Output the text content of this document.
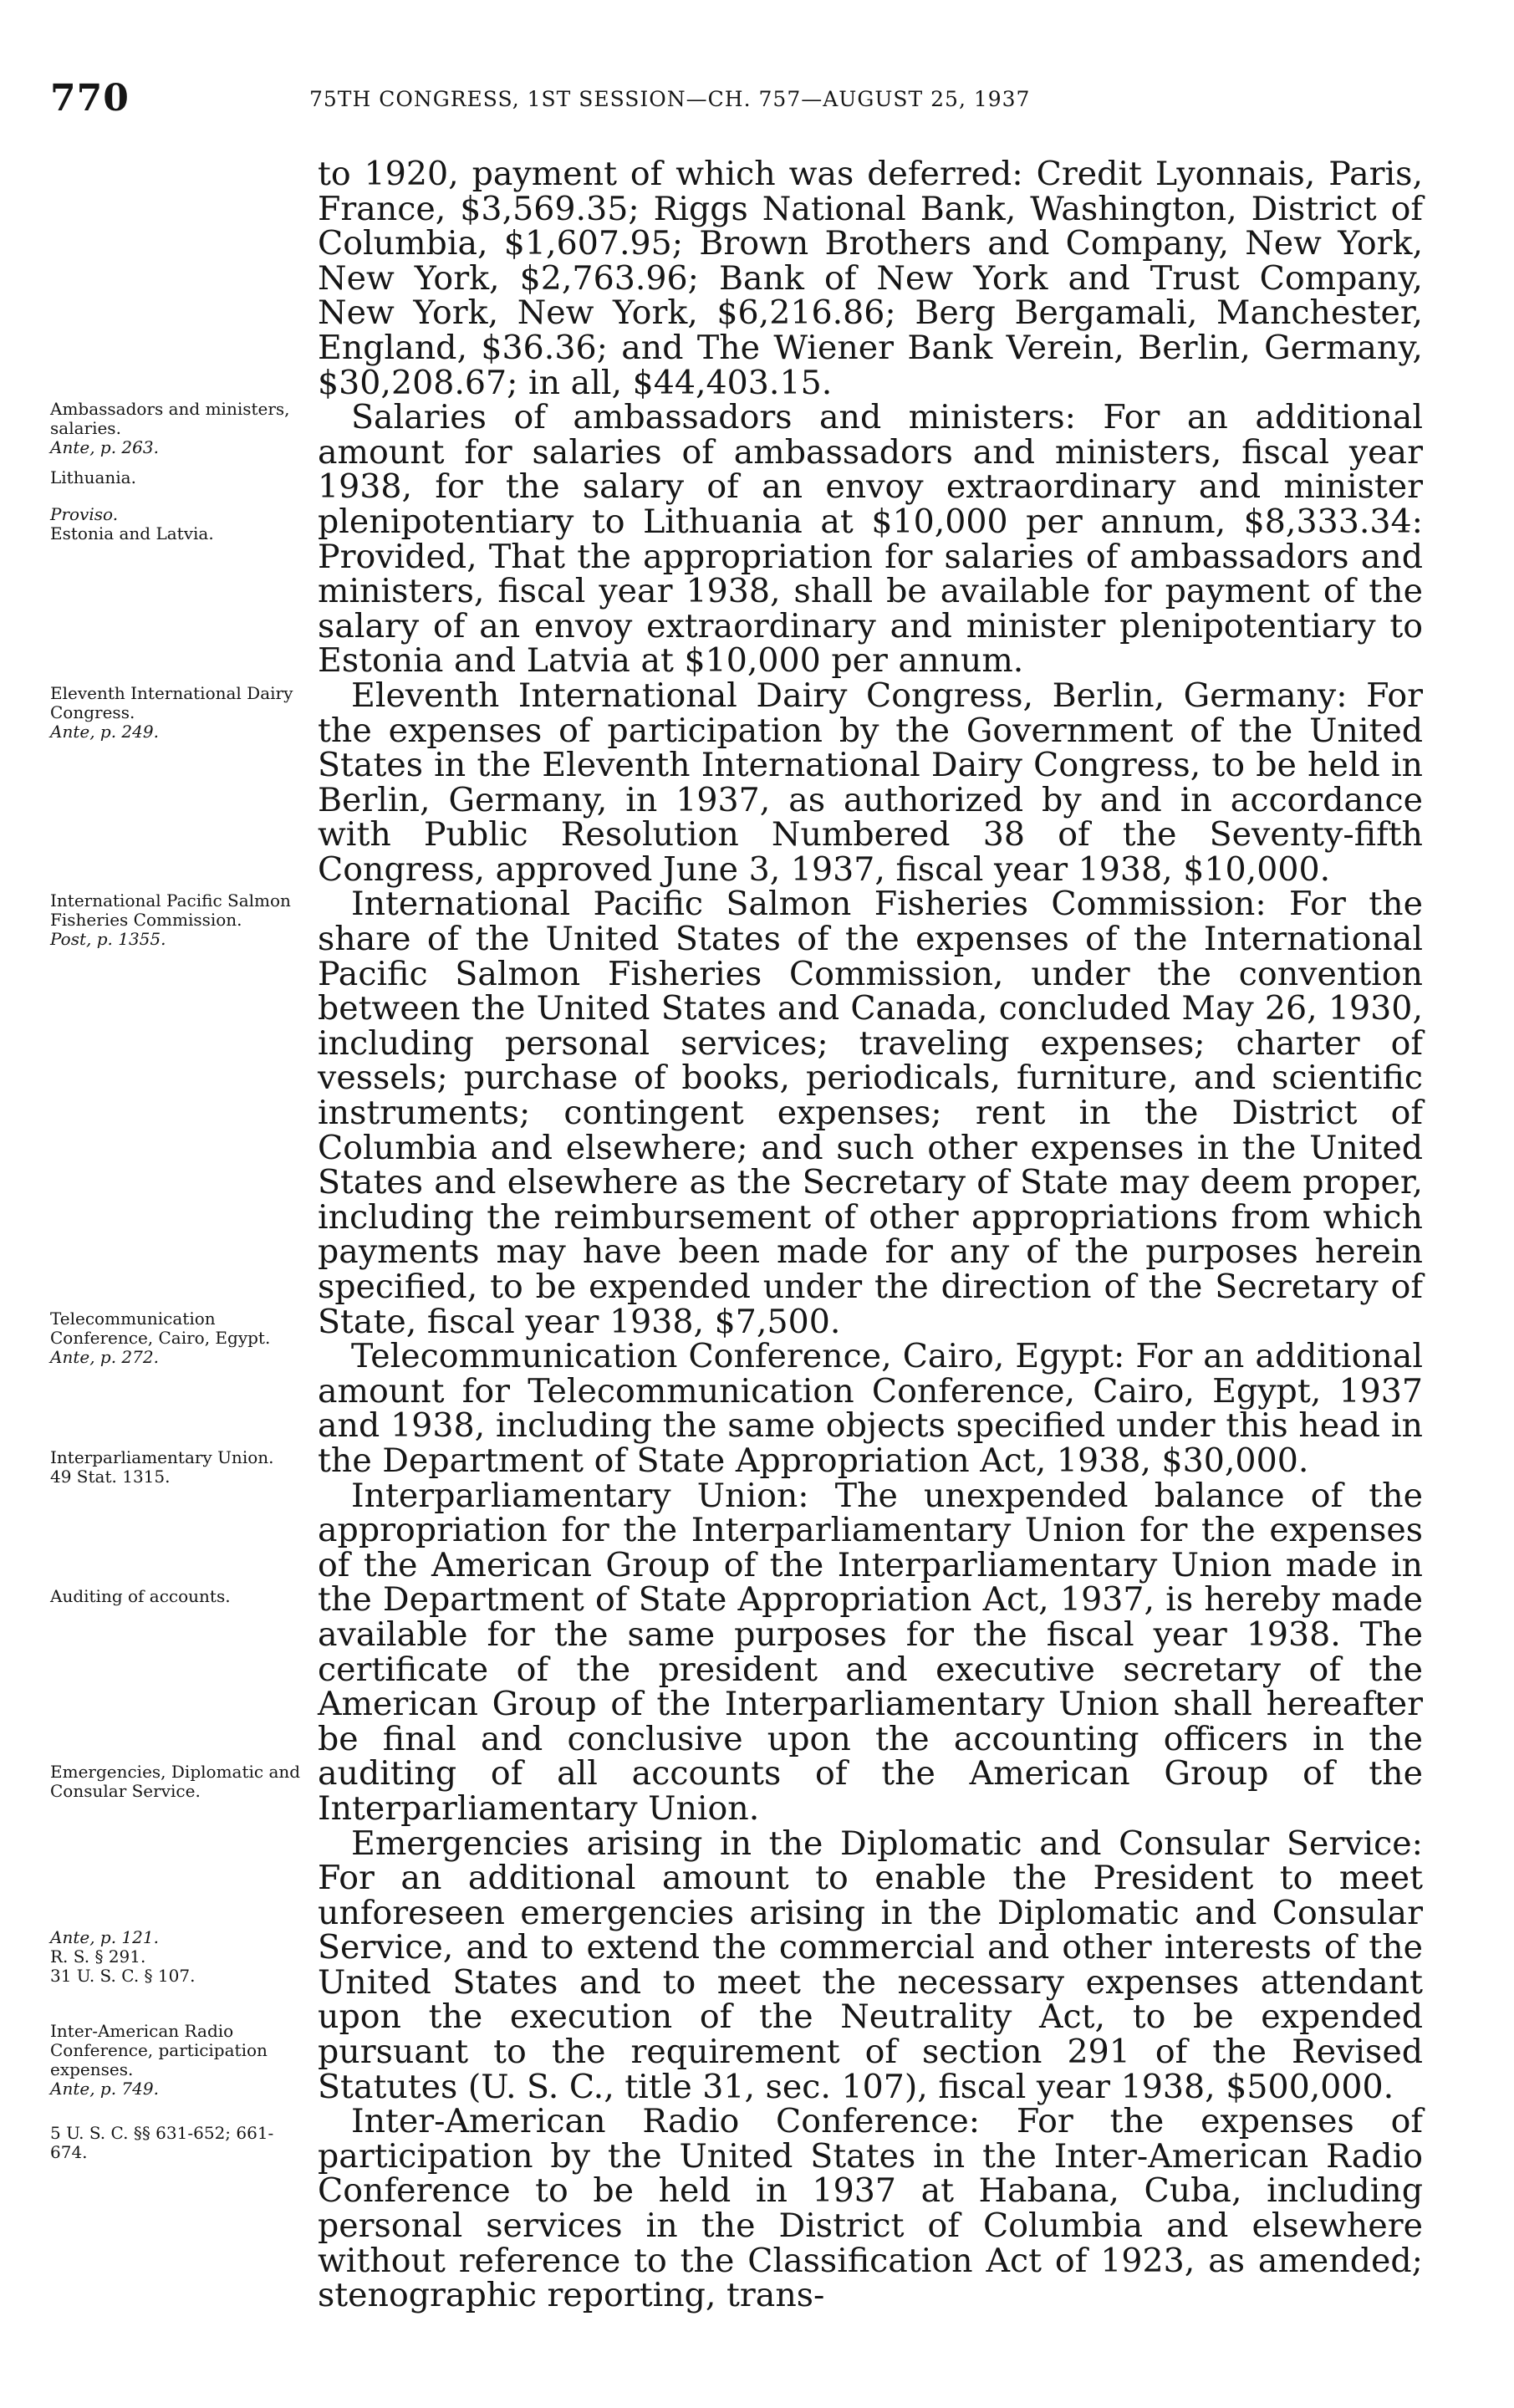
770	75TH CONGRESS, 1ST SESSION—CH. 757—AUGUST 25, 1937

to 1920, payment of which was deferred: Credit Lyonnais, Paris, France, $3,569.35; Riggs National Bank, Washington, District of Columbia, $1,607.95; Brown Brothers and Company, New York, New York, $2,763.96; Bank of New York and Trust Company, New York, New York, $6,216.86; Berg Bergamali, Manchester, England, $36.36; and The Wiener Bank Verein, Berlin, Germany, $30,208.67; in all, $44,403.15.

Salaries of ambassadors and ministers: For an additional amount for salaries of ambassadors and ministers, fiscal year 1938, for the salary of an envoy extraordinary and minister plenipotentiary to Lithuania at $10,000 per annum, $8,333.34: Provided, That the appropriation for salaries of ambassadors and ministers, fiscal year 1938, shall be available for payment of the salary of an envoy extraordinary and minister plenipotentiary to Estonia and Latvia at $10,000 per annum.

Eleventh International Dairy Congress, Berlin, Germany: For the expenses of participation by the Government of the United States in the Eleventh International Dairy Congress, to be held in Berlin, Germany, in 1937, as authorized by and in accordance with Public Resolution Numbered 38 of the Seventy-fifth Congress, approved June 3, 1937, fiscal year 1938, $10,000.

International Pacific Salmon Fisheries Commission: For the share of the United States of the expenses of the International Pacific Salmon Fisheries Commission, under the convention between the United States and Canada, concluded May 26, 1930, including personal services; traveling expenses; charter of vessels; purchase of books, periodicals, furniture, and scientific instruments; contingent expenses; rent in the District of Columbia and elsewhere; and such other expenses in the United States and elsewhere as the Secretary of State may deem proper, including the reimbursement of other appropriations from which payments may have been made for any of the purposes herein specified, to be expended under the direction of the Secretary of State, fiscal year 1938, $7,500.

Telecommunication Conference, Cairo, Egypt: For an additional amount for Telecommunication Conference, Cairo, Egypt, 1937 and 1938, including the same objects specified under this head in the Department of State Appropriation Act, 1938, $30,000.

Interparliamentary Union: The unexpended balance of the appropriation for the Interparliamentary Union for the expenses of the American Group of the Interparliamentary Union made in the Department of State Appropriation Act, 1937, is hereby made available for the same purposes for the fiscal year 1938. The certificate of the president and executive secretary of the American Group of the Interparliamentary Union shall hereafter be final and conclusive upon the accounting officers in the auditing of all accounts of the American Group of the Interparliamentary Union.

Emergencies arising in the Diplomatic and Consular Service: For an additional amount to enable the President to meet unforeseen emergencies arising in the Diplomatic and Consular Service, and to extend the commercial and other interests of the United States and to meet the necessary expenses attendant upon the execution of the Neutrality Act, to be expended pursuant to the requirement of section 291 of the Revised Statutes (U. S. C., title 31, sec. 107), fiscal year 1938, $500,000.

Inter-American Radio Conference: For the expenses of participation by the United States in the Inter-American Radio Conference to be held in 1937 at Habana, Cuba, including personal services in the District of Columbia and elsewhere without reference to the Classification Act of 1923, as amended; stenographic reporting, trans-

Ambassadors and ministers, salaries.
Ante, p. 263.
Lithuania.
Proviso.
Estonia and Latvia.
Eleventh International Dairy Congress.
Ante, p. 249.
International Pacific Salmon Fisheries Commission.
Post, p. 1355.
Telecommunication Conference, Cairo, Egypt.
Ante, p. 272.
Interparliamentary Union.
49 Stat. 1315.
Auditing of accounts.
Emergencies, Diplomatic and Consular Service.
Ante, p. 121.
R. S. § 291.
31 U. S. C. § 107.
Inter-American Radio Conference, participation expenses.
Ante, p. 749.
5 U. S. C. §§ 631-652; 661-674.
